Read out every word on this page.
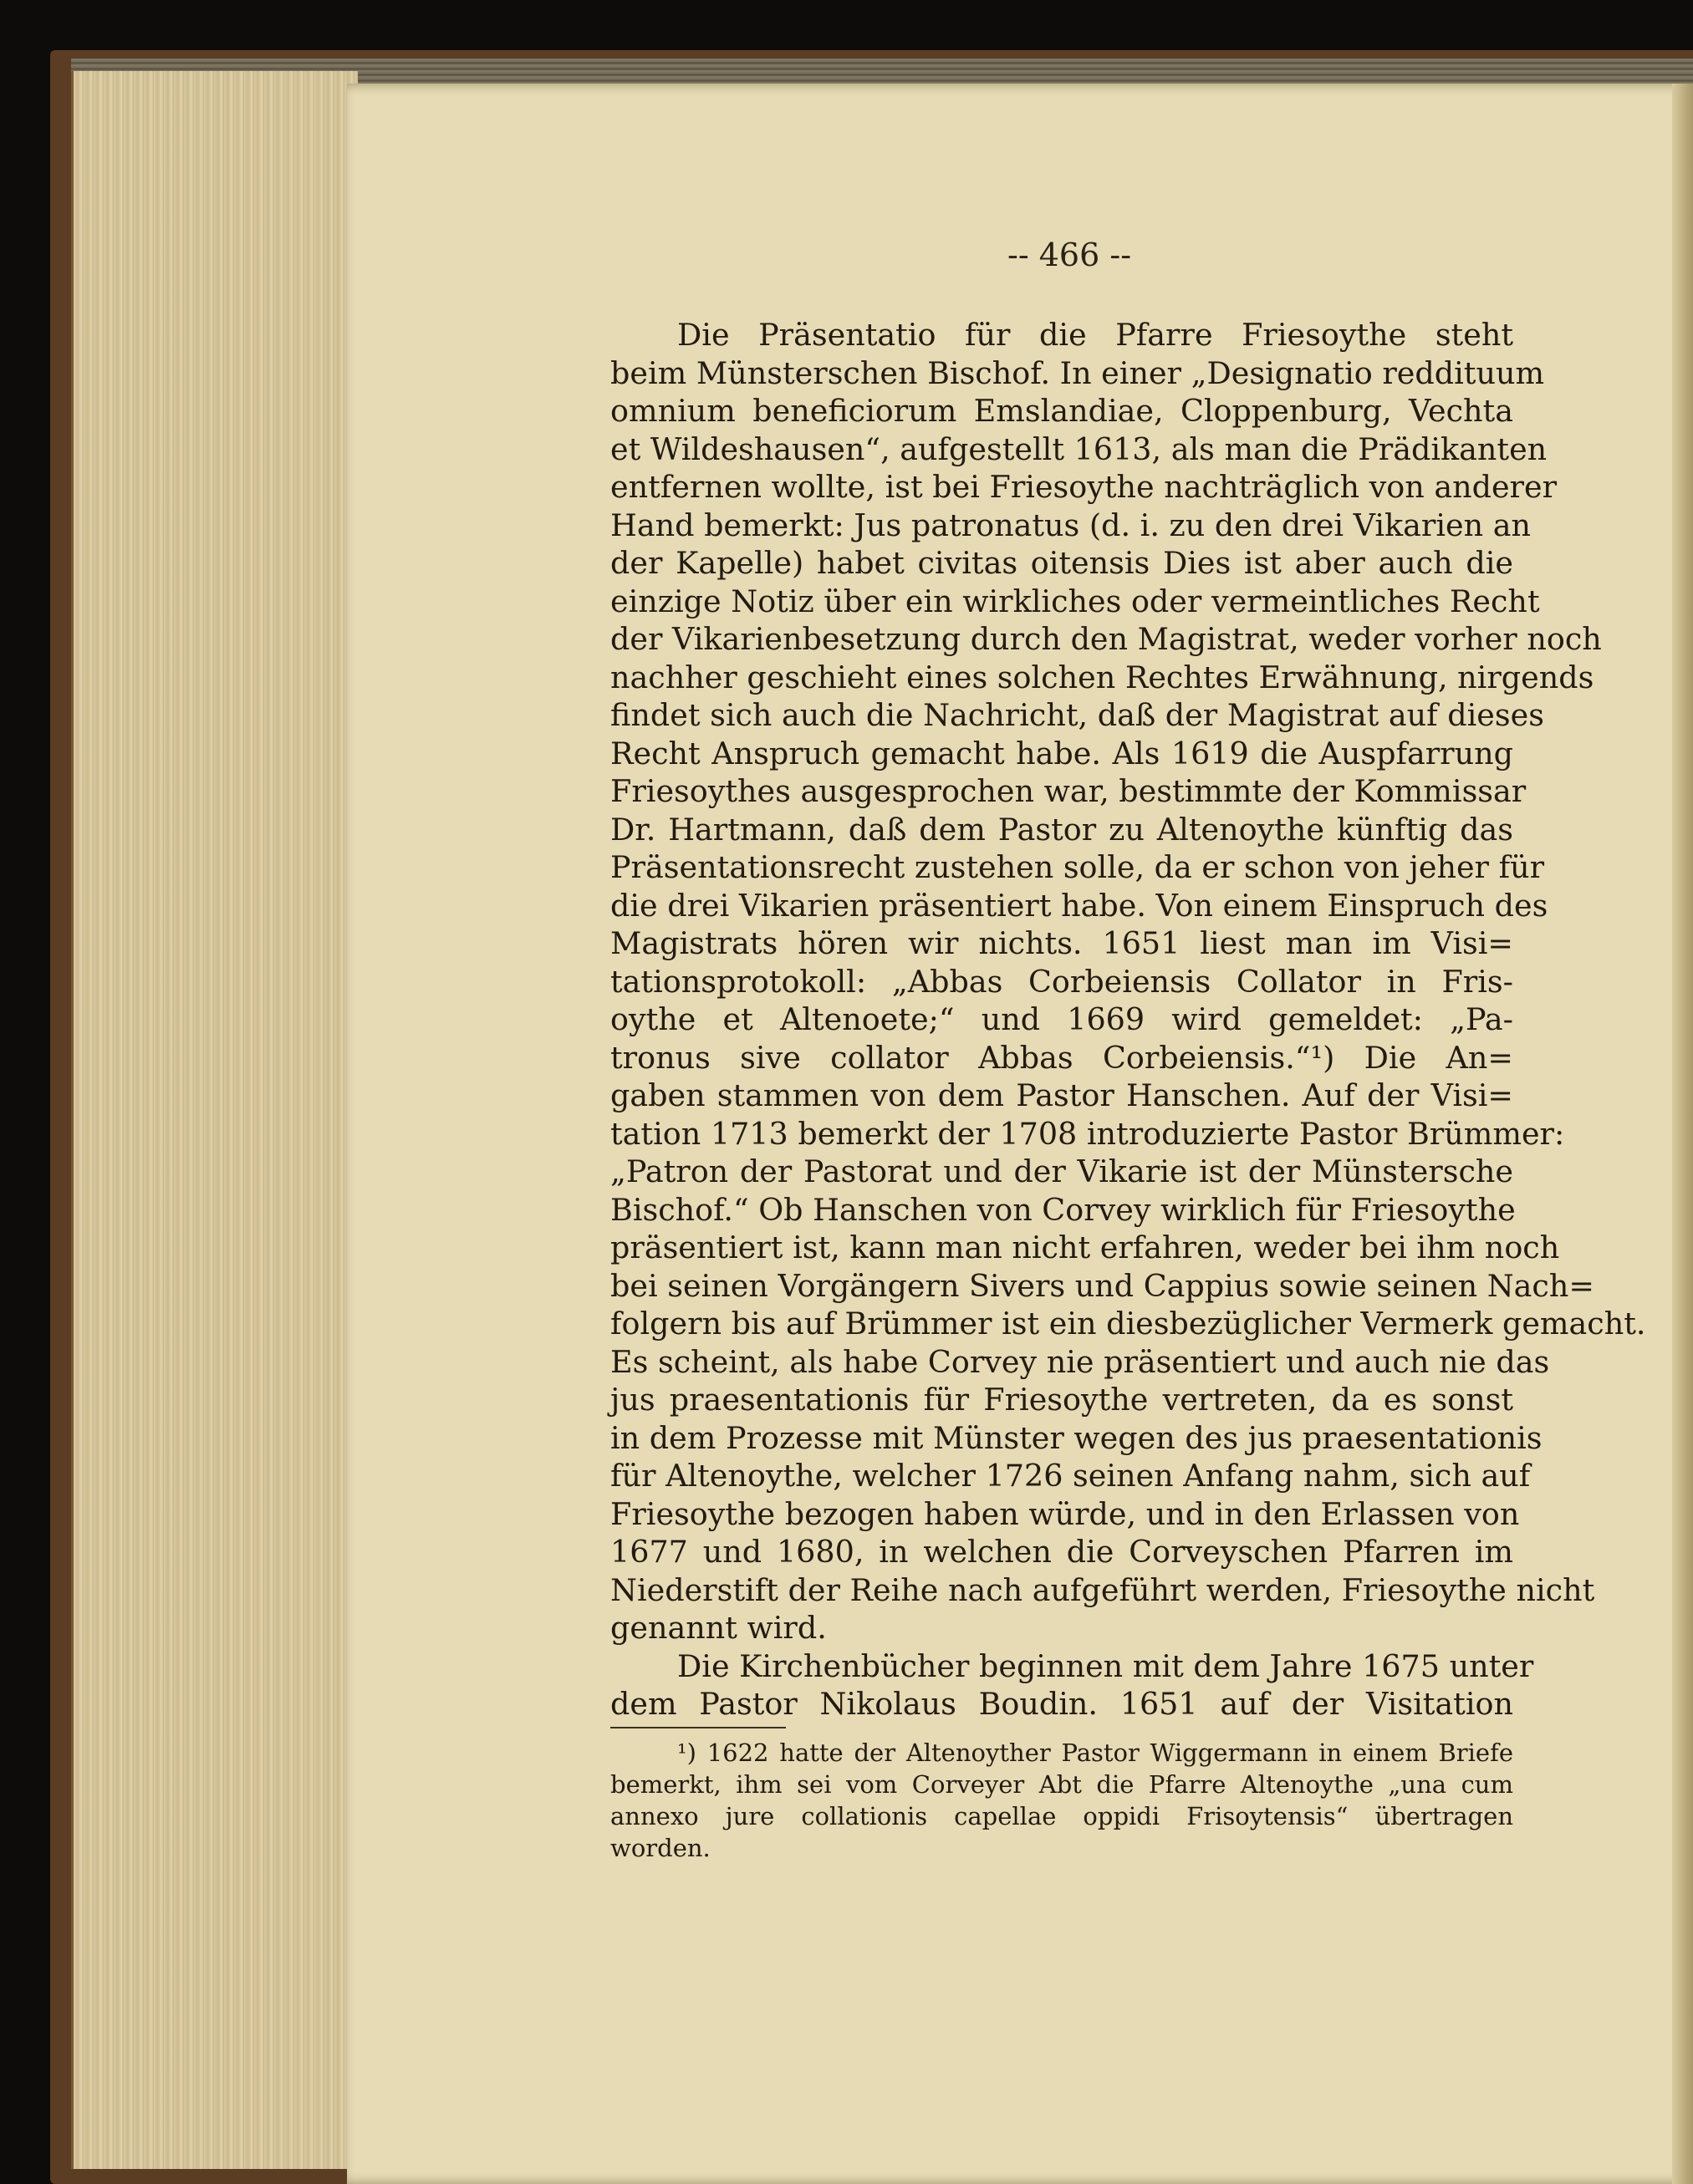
-- 466 --
Die Präsentatio für die Pfarre Friesoythe steht
beim Münsterschen Bischof. In einer „Designatio reddituum
omnium beneficiorum Emslandiae, Cloppenburg, Vechta
et Wildeshausen“, aufgestellt 1613, als man die Prädikanten
entfernen wollte, ist bei Friesoythe nachträglich von anderer
Hand bemerkt: Jus patronatus (d. i. zu den drei Vikarien an
der Kapelle) habet civitas oitensis Dies ist aber auch die
einzige Notiz über ein wirkliches oder vermeintliches Recht
der Vikarienbesetzung durch den Magistrat, weder vorher noch
nachher geschieht eines solchen Rechtes Erwähnung, nirgends
findet sich auch die Nachricht, daß der Magistrat auf dieses
Recht Anspruch gemacht habe. Als 1619 die Auspfarrung
Friesoythes ausgesprochen war, bestimmte der Kommissar
Dr. Hartmann, daß dem Pastor zu Altenoythe künftig das
Präsentationsrecht zustehen solle, da er schon von jeher für
die drei Vikarien präsentiert habe. Von einem Einspruch des
Magistrats hören wir nichts. 1651 liest man im Visi=
tationsprotokoll: „Abbas Corbeiensis Collator in Fris-
oythe et Altenoete;“ und 1669 wird gemeldet: „Pa-
tronus sive collator Abbas Corbeiensis.“¹) Die An=
gaben stammen von dem Pastor Hanschen. Auf der Visi=
tation 1713 bemerkt der 1708 introduzierte Pastor Brümmer:
„Patron der Pastorat und der Vikarie ist der Münstersche
Bischof.“ Ob Hanschen von Corvey wirklich für Friesoythe
präsentiert ist, kann man nicht erfahren, weder bei ihm noch
bei seinen Vorgängern Sivers und Cappius sowie seinen Nach=
folgern bis auf Brümmer ist ein diesbezüglicher Vermerk gemacht.
Es scheint, als habe Corvey nie präsentiert und auch nie das
jus praesentationis für Friesoythe vertreten, da es sonst
in dem Prozesse mit Münster wegen des jus praesentationis
für Altenoythe, welcher 1726 seinen Anfang nahm, sich auf
Friesoythe bezogen haben würde, und in den Erlassen von
1677 und 1680, in welchen die Corveyschen Pfarren im
Niederstift der Reihe nach aufgeführt werden, Friesoythe nicht
genannt wird.
Die Kirchenbücher beginnen mit dem Jahre 1675 unter
dem Pastor Nikolaus Boudin. 1651 auf der Visitation
¹) 1622 hatte der Altenoyther Pastor Wiggermann in einem Briefe
bemerkt, ihm sei vom Corveyer Abt die Pfarre Altenoythe „una cum
annexo jure collationis capellae oppidi Frisoytensis“ übertragen
worden.
